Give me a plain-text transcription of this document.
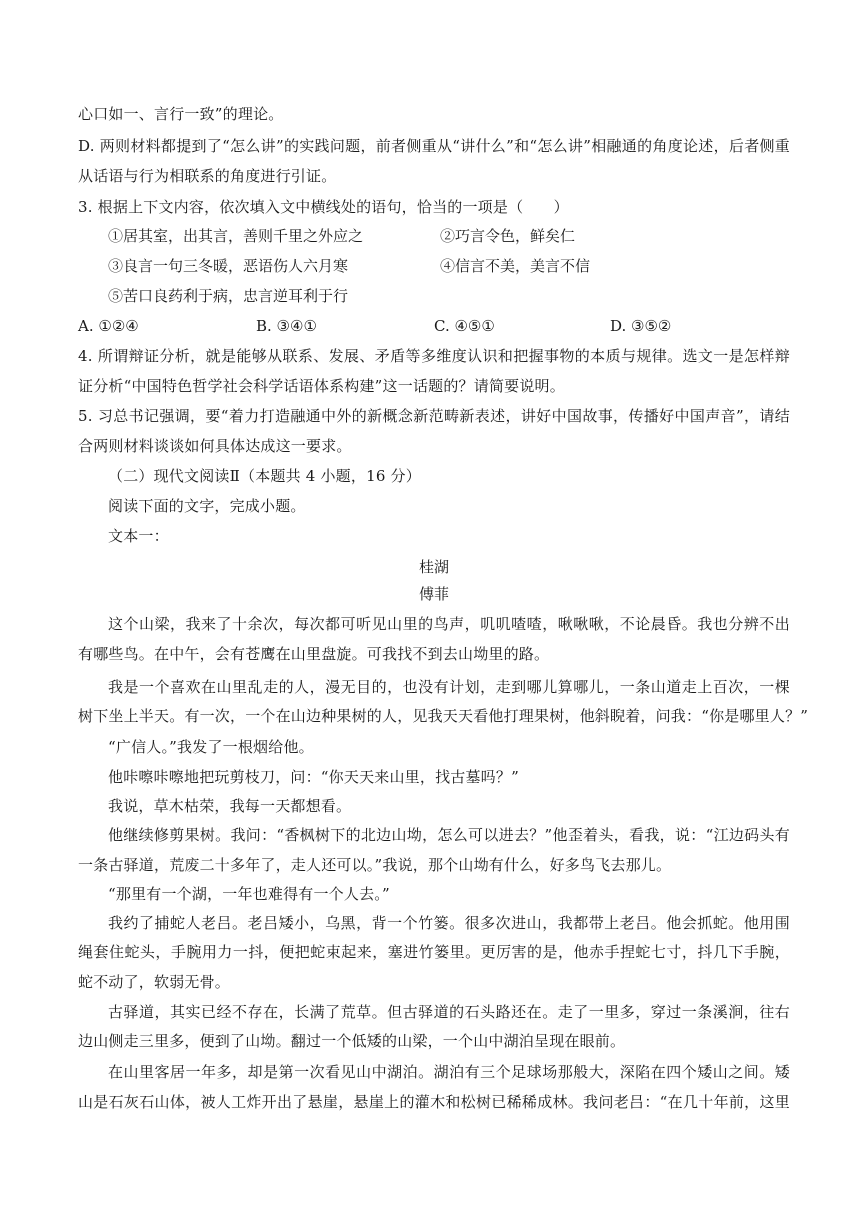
心口如一、言行一致”的理论。
D. 两则材料都提到了“怎么讲”的实践问题，前者侧重从“讲什么”和“怎么讲”相融通的角度论述，后者侧重
从话语与行为相联系的角度进行引证。
3. 根据上下文内容，依次填入文中横线处的语句，恰当的一项是（　　）
①居其室，出其言，善则千里之外应之	②巧言令色，鲜矣仁
③良言一句三冬暖，恶语伤人六月寒	④信言不美，美言不信
⑤苦口良药利于病，忠言逆耳利于行
A. ①②④	B. ③④①	C. ④⑤①	D. ③⑤②
4. 所谓辩证分析，就是能够从联系、发展、矛盾等多维度认识和把握事物的本质与规律。选文一是怎样辩
证分析“中国特色哲学社会科学话语体系构建”这一话题的？请简要说明。
5. 习总书记强调，要“着力打造融通中外的新概念新范畴新表述，讲好中国故事，传播好中国声音”，请结
合两则材料谈谈如何具体达成这一要求。
（二）现代文阅读Ⅱ（本题共 4 小题，16 分）
阅读下面的文字，完成小题。
文本一：
桂湖
傅菲
这个山梁，我来了十余次，每次都可听见山里的鸟声，叽叽喳喳，啾啾啾，不论晨昏。我也分辨不出
有哪些鸟。在中午，会有苍鹰在山里盘旋。可我找不到去山坳里的路。
我是一个喜欢在山里乱走的人，漫无目的，也没有计划，走到哪儿算哪儿，一条山道走上百次，一棵
树下坐上半天。有一次，一个在山边种果树的人，见我天天看他打理果树，他斜睨着，问我：“你是哪里人？”
“广信人。”我发了一根烟给他。
他咔嚓咔嚓地把玩剪枝刀，问：“你天天来山里，找古墓吗？”
我说，草木枯荣，我每一天都想看。
他继续修剪果树。我问：“香枫树下的北边山坳，怎么可以进去？”他歪着头，看我，说：“江边码头有
一条古驿道，荒废二十多年了，走人还可以。”我说，那个山坳有什么，好多鸟飞去那儿。
“那里有一个湖，一年也难得有一个人去。”
我约了捕蛇人老吕。老吕矮小，乌黑，背一个竹篓。很多次进山，我都带上老吕。他会抓蛇。他用围
绳套住蛇头，手腕用力一抖，便把蛇束起来，塞进竹篓里。更厉害的是，他赤手捏蛇七寸，抖几下手腕，
蛇不动了，软弱无骨。
古驿道，其实已经不存在，长满了荒草。但古驿道的石头路还在。走了一里多，穿过一条溪涧，往右
边山侧走三里多，便到了山坳。翻过一个低矮的山梁，一个山中湖泊呈现在眼前。
在山里客居一年多，却是第一次看见山中湖泊。湖泊有三个足球场那般大，深陷在四个矮山之间。矮
山是石灰石山体，被人工炸开出了悬崖，悬崖上的灌木和松树已稀稀成林。我问老吕：“在几十年前，这里
